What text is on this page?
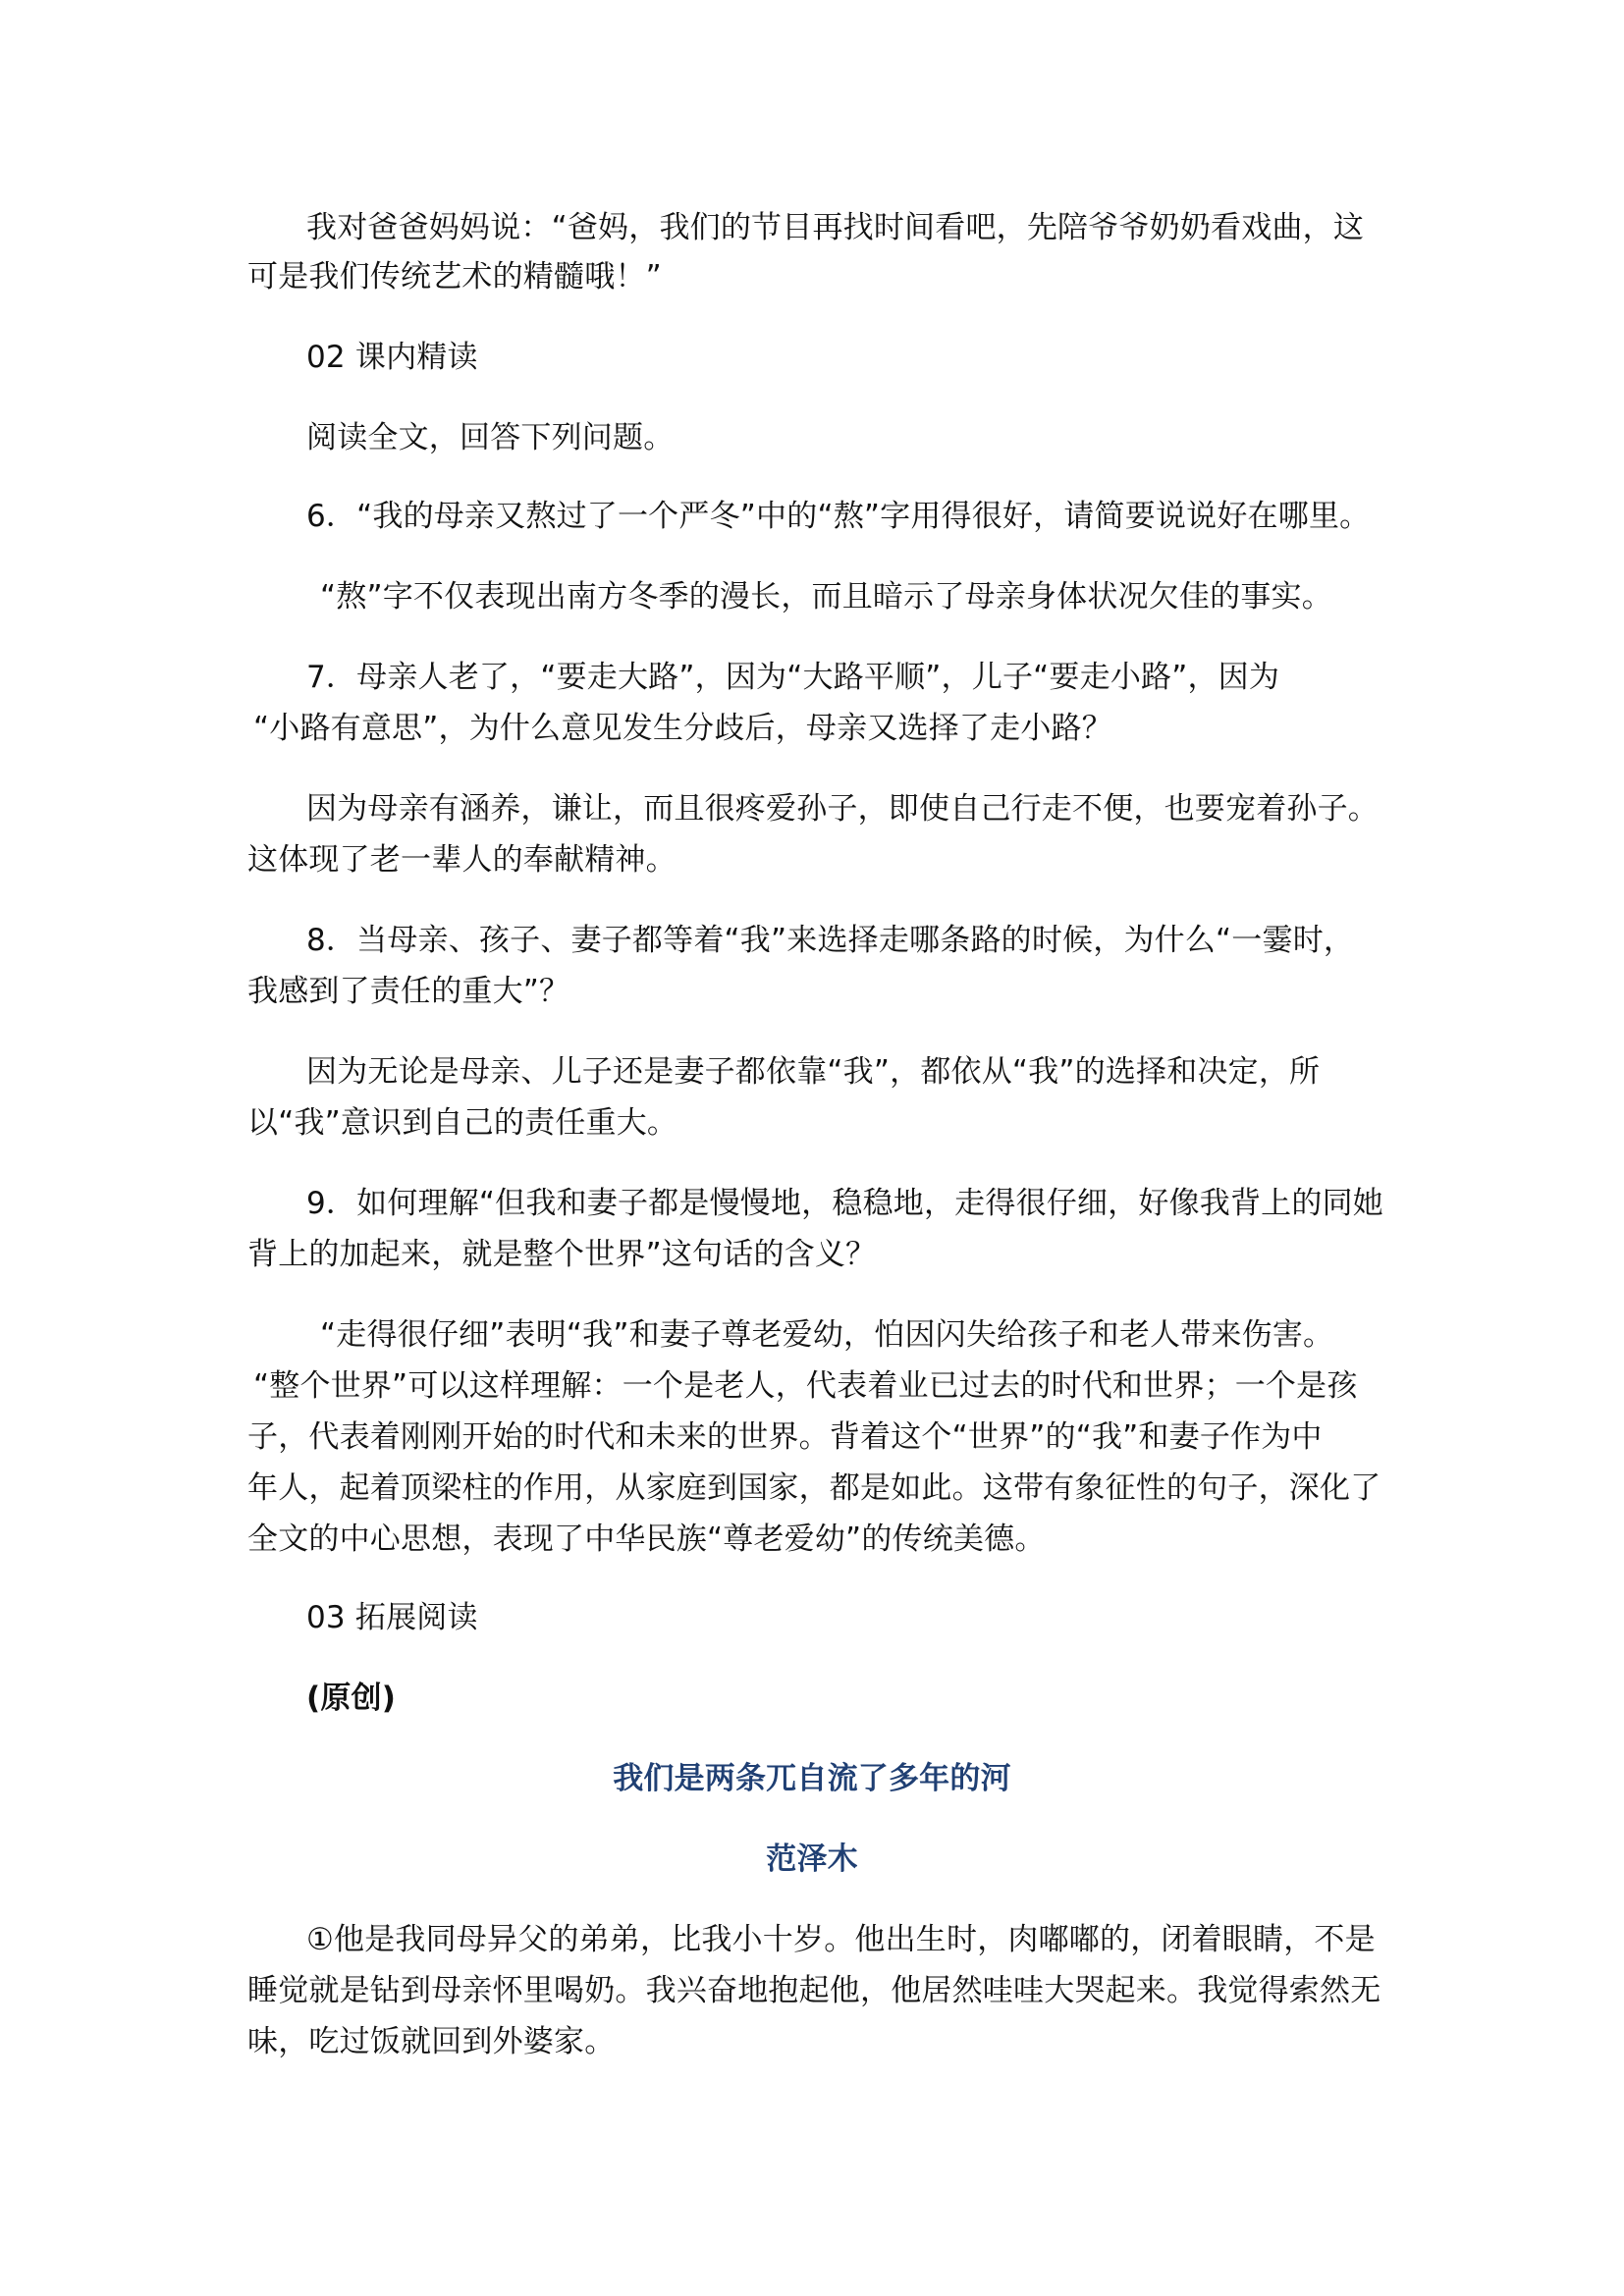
我对爸爸妈妈说：“爸妈，我们的节目再找时间看吧，先陪爷爷奶奶看戏曲，这
可是我们传统艺术的精髓哦！”
02 课内精读
阅读全文，回答下列问题。
6．“我的母亲又熬过了一个严冬”中的“熬”字用得很好，请简要说说好在哪里。
“熬”字不仅表现出南方冬季的漫长，而且暗示了母亲身体状况欠佳的事实。
7．母亲人老了，“要走大路”，因为“大路平顺”，儿子“要走小路”，因为
“小路有意思”，为什么意见发生分歧后，母亲又选择了走小路？
因为母亲有涵养，谦让，而且很疼爱孙子，即使自己行走不便，也要宠着孙子。
这体现了老一辈人的奉献精神。
8．当母亲、孩子、妻子都等着“我”来选择走哪条路的时候，为什么“一霎时，
我感到了责任的重大”？
因为无论是母亲、儿子还是妻子都依靠“我”，都依从“我”的选择和决定，所
以“我”意识到自己的责任重大。
9．如何理解“但我和妻子都是慢慢地，稳稳地，走得很仔细，好像我背上的同她
背上的加起来，就是整个世界”这句话的含义？
“走得很仔细”表明“我”和妻子尊老爱幼，怕因闪失给孩子和老人带来伤害。
“整个世界”可以这样理解：一个是老人，代表着业已过去的时代和世界；一个是孩
子，代表着刚刚开始的时代和未来的世界。背着这个“世界”的“我”和妻子作为中
年人，起着顶梁柱的作用，从家庭到国家，都是如此。这带有象征性的句子，深化了
全文的中心思想，表现了中华民族“尊老爱幼”的传统美德。
03 拓展阅读
(原创)
我们是两条兀自流了多年的河
范泽木
①他是我同母异父的弟弟，比我小十岁。他出生时，肉嘟嘟的，闭着眼睛，不是
睡觉就是钻到母亲怀里喝奶。我兴奋地抱起他，他居然哇哇大哭起来。我觉得索然无
味，吃过饭就回到外婆家。
